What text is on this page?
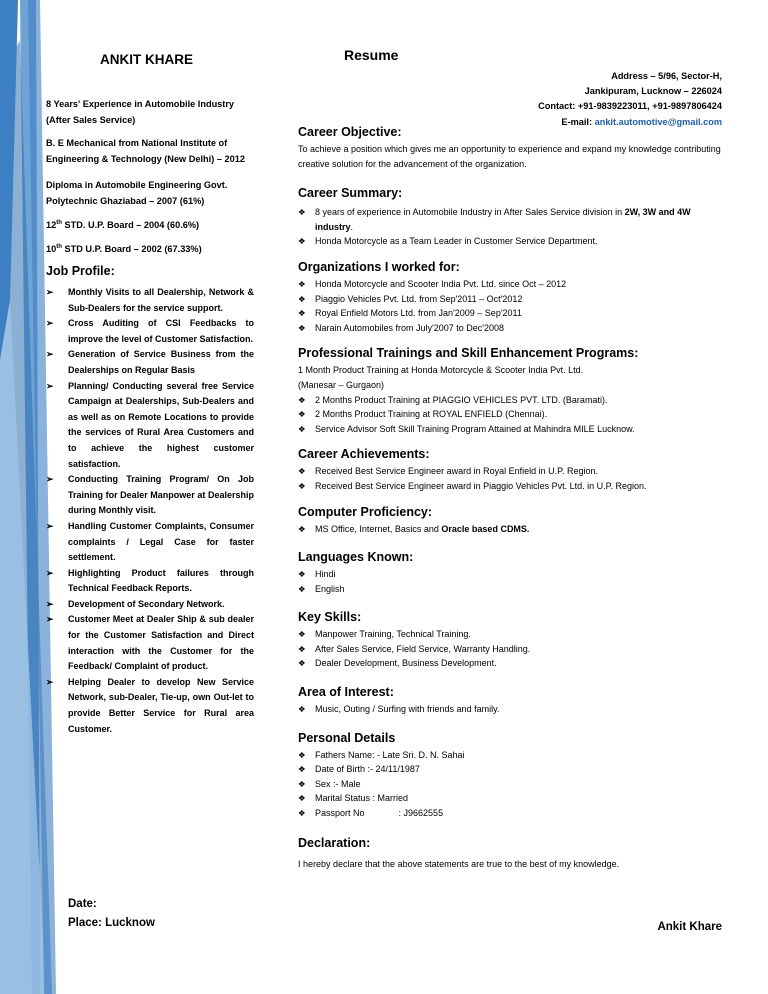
ANKIT KHARE
8 Years' Experience in Automobile Industry
(After Sales Service)
B. E Mechanical from National Institute of Engineering & Technology (New Delhi) – 2012
Diploma in Automobile Engineering Govt. Polytechnic Ghaziabad – 2007 (61%)
12th STD. U.P. Board – 2004 (60.6%)
10th STD U.P. Board – 2002 (67.33%)
Job Profile:
➢ Monthly Visits to all Dealership, Network & Sub-Dealers for the service support.
➢ Cross Auditing of CSI Feedbacks to improve the level of Customer Satisfaction.
➢ Generation of Service Business from the Dealerships on Regular Basis
➢ Planning/ Conducting several free Service Campaign at Dealerships, Sub-Dealers and as well as on Remote Locations to provide the services of Rural Area Customers and to achieve the highest customer satisfaction.
➢ Conducting Training Program/ On Job Training for Dealer Manpower at Dealership during Monthly visit.
➢ Handling Customer Complaints, Consumer complaints / Legal Case for faster settlement.
➢ Highlighting Product failures through Technical Feedback Reports.
➢ Development of Secondary Network.
➢ Customer Meet at Dealer Ship & sub dealer for the Customer Satisfaction and Direct interaction with the Customer for the Feedback/ Complaint of product.
➢ Helping Dealer to develop New Service Network, sub-Dealer, Tie-up, own Out-let to provide Better Service for Rural area Customer.
Resume
Address – 5/96, Sector-H,
Jankipuram, Lucknow – 226024
Contact: +91-9839223011, +91-9897806424
E-mail: ankit.automotive@gmail.com
Career Objective:
To achieve a position which gives me an opportunity to experience and expand my knowledge contributing creative solution for the advancement of the organization.
Career Summary:
❖ 8 years of experience in Automobile Industry in After Sales Service division in 2W, 3W and 4W industry.
❖ Honda Motorcycle as a Team Leader in Customer Service Department.
Organizations I worked for:
❖ Honda Motorcycle and Scooter India Pvt. Ltd. since Oct – 2012
❖ Piaggio Vehicles Pvt. Ltd. from Sep'2011 – Oct'2012
❖ Royal Enfield Motors Ltd. from Jan'2009 – Sep'2011
❖ Narain Automobiles from July'2007 to Dec'2008
Professional Trainings and Skill Enhancement Programs:
1 Month Product Training at Honda Motorcycle & Scooter India Pvt. Ltd.
(Manesar – Gurgaon)
❖ 2 Months Product Training at PIAGGIO VEHICLES PVT. LTD. (Baramati).
❖ 2 Months Product Training at ROYAL ENFIELD (Chennai).
❖ Service Advisor Soft Skill Training Program Attained at Mahindra MILE Lucknow.
Career Achievements:
❖ Received Best Service Engineer award in Royal Enfield in U.P. Region.
❖ Received Best Service Engineer award in Piaggio Vehicles Pvt. Ltd. in U.P. Region.
Computer Proficiency:
❖ MS Office, Internet, Basics and Oracle based CDMS.
Languages Known:
❖ Hindi
❖ English
Key Skills:
❖ Manpower Training, Technical Training.
❖ After Sales Service, Field Service, Warranty Handling.
❖ Dealer Development, Business Development.
Area of Interest:
❖ Music, Outing / Surfing with friends and family.
Personal Details
❖ Fathers Name: - Late Sri. D. N. Sahai
❖ Date of Birth :- 24/11/1987
❖ Sex :- Male
❖ Marital Status : Married
❖ Passport No	: J9662555
Declaration:
I hereby declare that the above statements are true to the best of my knowledge.
Date:
Place: Lucknow	Ankit Khare
